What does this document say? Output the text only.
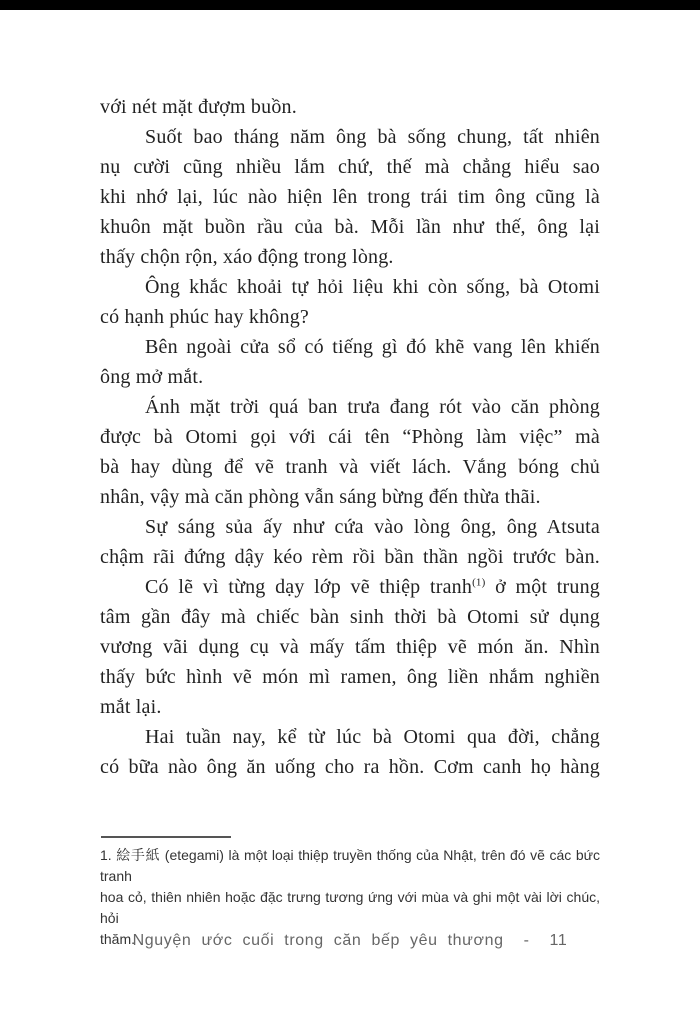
với nét mặt đượm buồn.
Suốt bao tháng năm ông bà sống chung, tất nhiên
nụ cười cũng nhiều lắm chứ, thế mà chẳng hiểu sao
khi nhớ lại, lúc nào hiện lên trong trái tim ông cũng là
khuôn mặt buồn rầu của bà. Mỗi lần như thế, ông lại
thấy chộn rộn, xáo động trong lòng.
Ông khắc khoải tự hỏi liệu khi còn sống, bà Otomi
có hạnh phúc hay không?
Bên ngoài cửa sổ có tiếng gì đó khẽ vang lên khiến
ông mở mắt.
Ánh mặt trời quá ban trưa đang rót vào căn phòng
được bà Otomi gọi với cái tên “Phòng làm việc” mà
bà hay dùng để vẽ tranh và viết lách. Vắng bóng chủ
nhân, vậy mà căn phòng vẫn sáng bừng đến thừa thãi.
Sự sáng sủa ấy như cứa vào lòng ông, ông Atsuta
chậm rãi đứng dậy kéo rèm rồi bần thần ngồi trước bàn.
Có lẽ vì từng dạy lớp vẽ thiệp tranh$^{(1)}$ ở một trung
tâm gần đây mà chiếc bàn sinh thời bà Otomi sử dụng
vương vãi dụng cụ và mấy tấm thiệp vẽ món ăn. Nhìn
thấy bức hình vẽ món mì ramen, ông liền nhắm nghiền
mắt lại.
Hai tuần nay, kể từ lúc bà Otomi qua đời, chẳng
có bữa nào ông ăn uống cho ra hồn. Cơm canh họ hàng
1. 絵手紙 (etegami) là một loại thiệp truyền thống của Nhật, trên đó vẽ các bức tranh
hoa cỏ, thiên nhiên hoặc đặc trưng tương ứng với mùa và ghi một vài lời chúc, hỏi
thăm.
Nguyện ước cuối trong căn bếp yêu thương - 11
